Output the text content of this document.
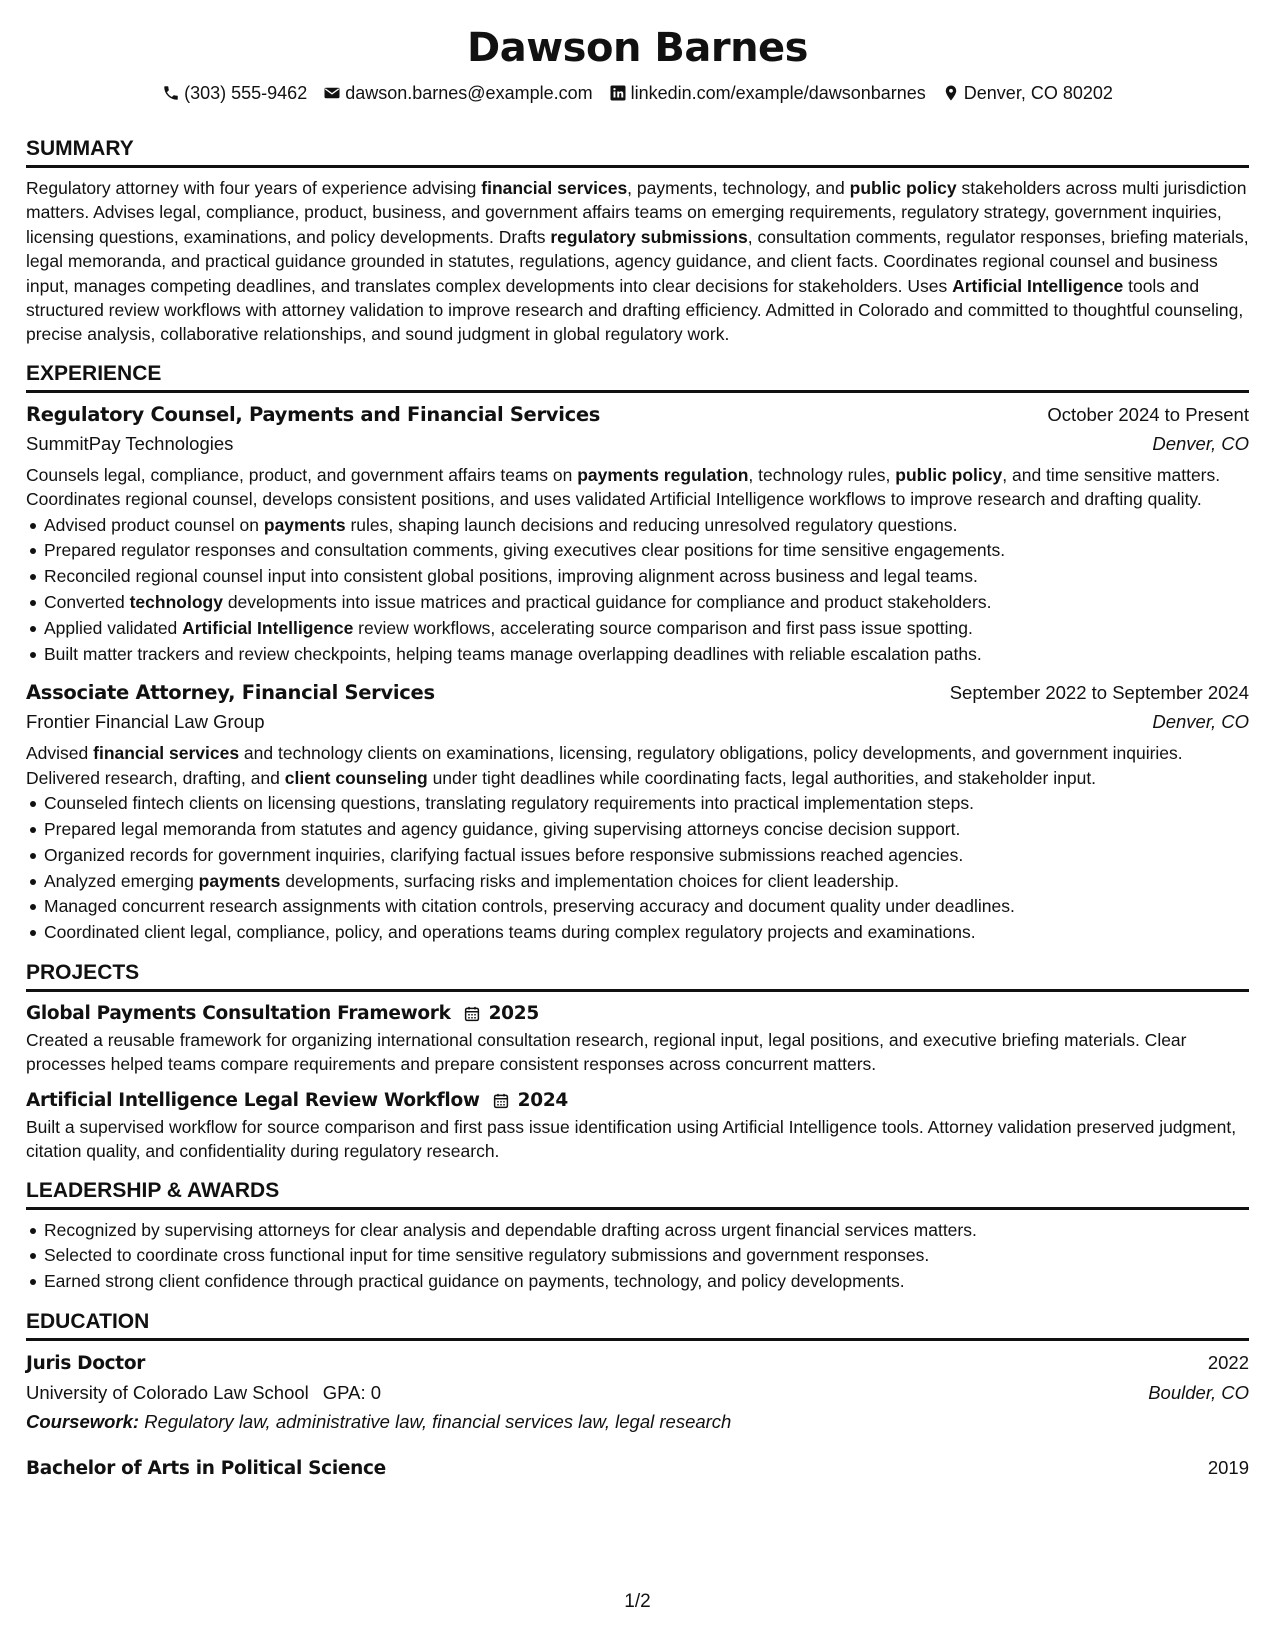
Dawson Barnes
(303) 555-9462 dawson.barnes@example.com linkedin.com/example/dawsonbarnes Denver, CO 80202
SUMMARY

Regulatory attorney with four years of experience advising financial services, payments, technology, and public policy stakeholders across multi jurisdiction matters. Advises legal, compliance, product, business, and government affairs teams on emerging requirements, regulatory strategy, government inquiries, licensing questions, examinations, and policy developments. Drafts regulatory submissions, consultation comments, regulator responses, briefing materials, legal memoranda, and practical guidance grounded in statutes, regulations, agency guidance, and client facts. Coordinates regional counsel and business input, manages competing deadlines, and translates complex developments into clear decisions for stakeholders. Uses Artificial Intelligence tools and structured review workflows with attorney validation to improve research and drafting efficiency. Admitted in Colorado and committed to thoughtful counseling, precise analysis, collaborative relationships, and sound judgment in global regulatory work.

EXPERIENCE
Regulatory Counsel, Payments and Financial Services	October 2024 to Present
SummitPay Technologies	Denver, CO

Counsels legal, compliance, product, and government affairs teams on payments regulation, technology rules, public policy, and time sensitive matters. Coordinates regional counsel, develops consistent positions, and uses validated Artificial Intelligence workflows to improve research and drafting quality.

Advised product counsel on payments rules, shaping launch decisions and reducing unresolved regulatory questions.
Prepared regulator responses and consultation comments, giving executives clear positions for time sensitive engagements.
Reconciled regional counsel input into consistent global positions, improving alignment across business and legal teams.
Converted technology developments into issue matrices and practical guidance for compliance and product stakeholders.
Applied validated Artificial Intelligence review workflows, accelerating source comparison and first pass issue spotting.
Built matter trackers and review checkpoints, helping teams manage overlapping deadlines with reliable escalation paths.
Associate Attorney, Financial Services	September 2022 to September 2024
Frontier Financial Law Group	Denver, CO

Advised financial services and technology clients on examinations, licensing, regulatory obligations, policy developments, and government inquiries. Delivered research, drafting, and client counseling under tight deadlines while coordinating facts, legal authorities, and stakeholder input.

Counseled fintech clients on licensing questions, translating regulatory requirements into practical implementation steps.
Prepared legal memoranda from statutes and agency guidance, giving supervising attorneys concise decision support.
Organized records for government inquiries, clarifying factual issues before responsive submissions reached agencies.
Analyzed emerging payments developments, surfacing risks and implementation choices for client leadership.
Managed concurrent research assignments with citation controls, preserving accuracy and document quality under deadlines.
Coordinated client legal, compliance, policy, and operations teams during complex regulatory projects and examinations.
PROJECTS
Global Payments Consultation Framework 2025

Created a reusable framework for organizing international consultation research, regional input, legal positions, and executive briefing materials. Clear processes helped teams compare requirements and prepare consistent responses across concurrent matters.

Artificial Intelligence Legal Review Workflow 2024

Built a supervised workflow for source comparison and first pass issue identification using Artificial Intelligence tools. Attorney validation preserved judgment, citation quality, and confidentiality during regulatory research.

LEADERSHIP & AWARDS
Recognized by supervising attorneys for clear analysis and dependable drafting across urgent financial services matters.
Selected to coordinate cross functional input for time sensitive regulatory submissions and government responses.
Earned strong client confidence through practical guidance on payments, technology, and policy developments.
EDUCATION
Juris Doctor	2022
University of Colorado Law School GPA: 0	Boulder, CO
Coursework: Regulatory law, administrative law, financial services law, legal research
Bachelor of Arts in Political Science	2019
1/2
